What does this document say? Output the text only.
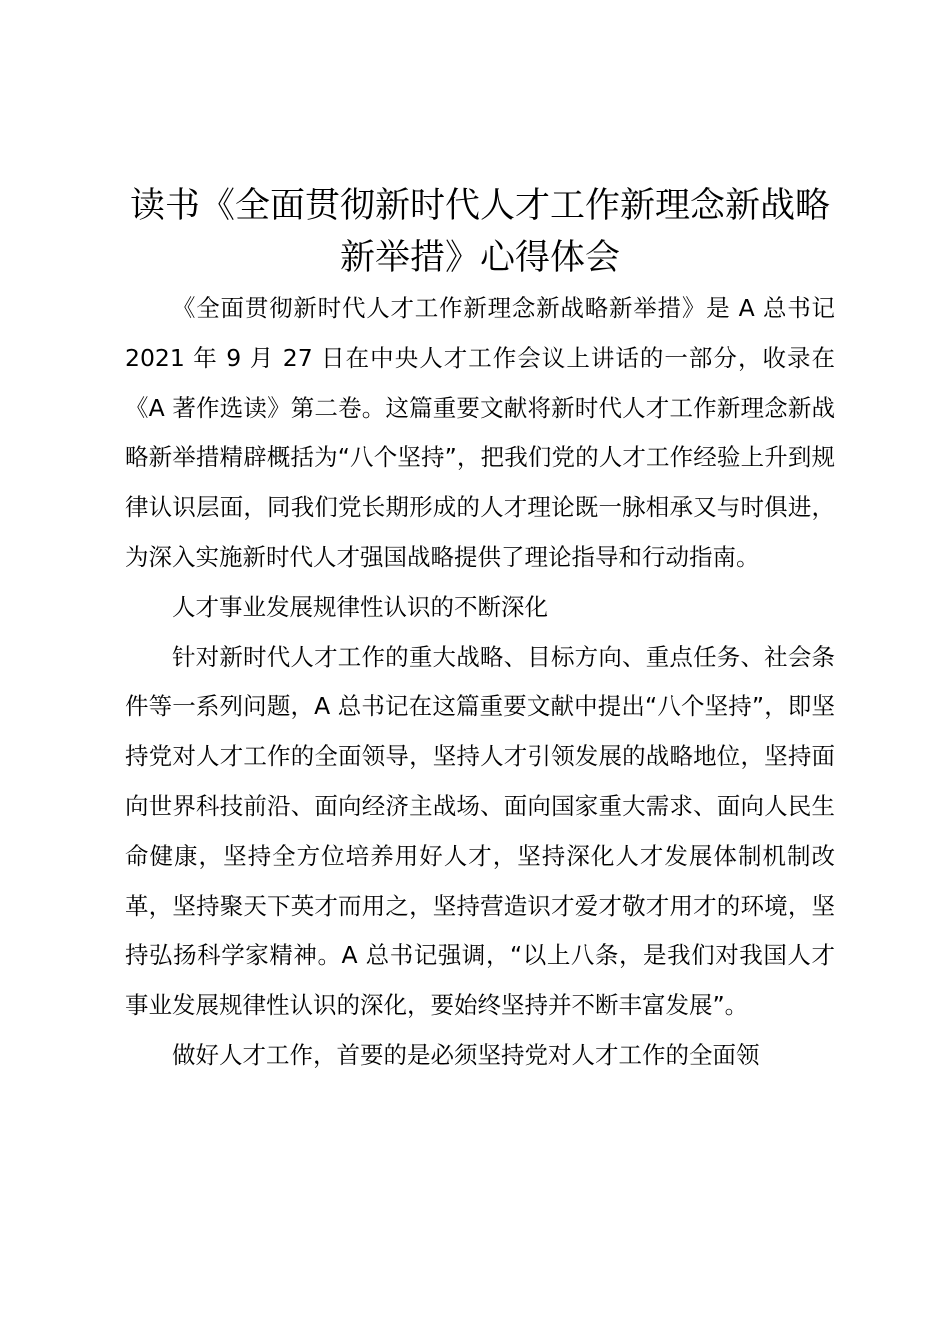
读书《全面贯彻新时代人才工作新理念新战略
新举措》心得体会

《全面贯彻新时代人才工作新理念新战略新举措》是 A 总书记 2021 年 9 月 27 日在中央人才工作会议上讲话的一部分，收录在《A 著作选读》第二卷。这篇重要文献将新时代人才工作新理念新战略新举措精辟概括为“八个坚持”，把我们党的人才工作经验上升到规律认识层面，同我们党长期形成的人才理论既一脉相承又与时俱进，为深入实施新时代人才强国战略提供了理论指导和行动指南。

人才事业发展规律性认识的不断深化

针对新时代人才工作的重大战略、目标方向、重点任务、社会条件等一系列问题，A 总书记在这篇重要文献中提出“八个坚持”，即坚持党对人才工作的全面领导，坚持人才引领发展的战略地位，坚持面向世界科技前沿、面向经济主战场、面向国家重大需求、面向人民生命健康，坚持全方位培养用好人才，坚持深化人才发展体制机制改革，坚持聚天下英才而用之，坚持营造识才爱才敬才用才的环境，坚持弘扬科学家精神。A 总书记强调，“以上八条，是我们对我国人才事业发展规律性认识的深化，要始终坚持并不断丰富发展”。

做好人才工作，首要的是必须坚持党对人才工作的全面领
